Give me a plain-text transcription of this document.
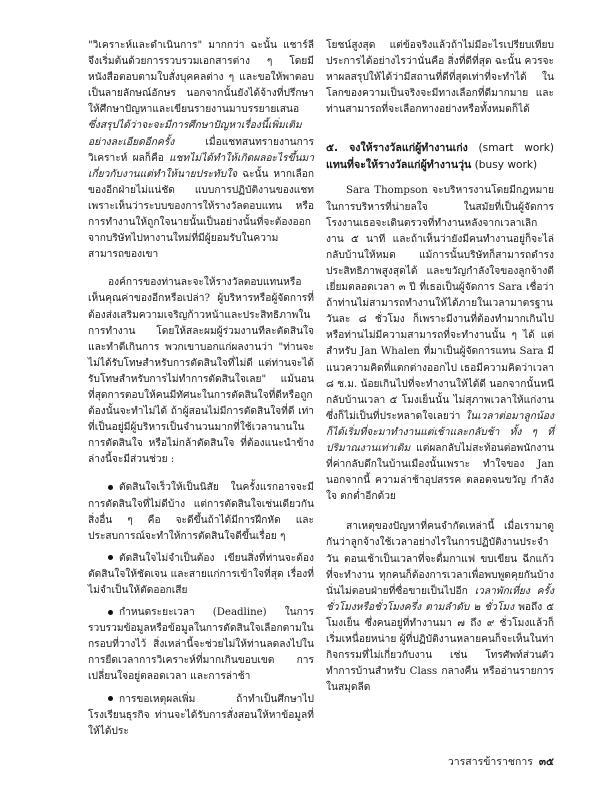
"วิเคราะห์และดำเนินการ" มากกว่า ฉะนั้น แชาร์ลีจึงเริ่มต้นด้วยการรวบรวมเอกสารต่าง ๆ โดยมีหนังสือตอบตามใบสั่งบุคคลต่าง ๆ และขอให้พาตอบเป็นลายลักษณ์อักษร นอกจากนั้นยังได้จ้างที่ปรึกษาให้ศึกษาปัญหาและเขียนรายงานมาบรรยายเสนอ ซึ่งสรุปได้ว่าจะจะมีการศึกษาปัญหาเรื่องนี้เพิ่มเติมอย่างละเอียดอีกครั้ง เมื่อแชทสนทรายงานการวิเคราะห์ ผลก็คือ แชทไม่ได้ทำให้เกิดผลอะไรขึ้นมาเกี่ยวกับงานแต่ทำให้นายประทับใจ ฉะนั้น หากเลือกของอีกฝ่ายไม่แน่ชัด แบบการปฏิบัติงานของแชท เพราะเห็นว่าระบบของการให้รางวัลตอบแทน หรือการทำงานให้ถูกใจนายนั้นเป็นอย่างนั้นที่จะต้องออกจากบริษัทไปหางานใหม่ที่มีผู้ยอมรับในความสามารถของเขา

องค์การของท่านละจะให้รางวัลตอบแทนหรือเห็นคุณค่าของอีกหรือเปล่า? ผู้บริหารหรือผู้จัดการที่ต้องส่งเสริมความเจริญก้าวหน้าและประสิทธิภาพในการทำงาน โดยให้สละผมผู้ร่วมงานทีละตัดสินใจและทำดีเกินการ พวกเขาบอกแก่ผลงานว่า "ท่านจะไม่ได้รับโทษสำหรับการตัดสินใจที่ไม่ดี แต่ท่านจะได้รับโทษสำหรับการไม่ทำการตัดสินใจเลย" แม้นอนที่สุดการตอบให้คนมีทัศนะในการตัดสินใจที่ดีหรือถูกต้องนั้นจะทำไม่ได้ ถ้าผู้สอนไม่มีการตัดสินใจที่ดี เท่าที่เป็นอยู่มีผู้บริหารเป็นจำนวนมากที่ใช้เวลานานในการตัดสินใจ หรือไม่กล้าตัดสินใจ ที่ต้องแนะนำข้างล่างนี้จะมีส่วนช่วย :

ตัดสินใจเร็วให้เป็นนิสัย ในครั้งแรกอาจจะมีการตัดสินใจที่ไม่ดีบ้าง แต่การตัดสินใจเช่นเดียวกันสิ่งอื่น ๆ คือ จะดีขึ้นถ้าได้มีการฝึกหัด และประสบการณ์จะทำให้การตัดสินใจดีขึ้นเรื่อย ๆ
ตัดสินใจไม่จำเป็นต้อง เขียนสิ่งที่ท่านจะต้องตัดสินใจให้ชัดเจน และสายแก่การเข้าใจที่สุด เรื่องที่ไม่จำเป็นให้ตัดออกเสีย
กำหนดระยะเวลา (Deadline) ในการรวบรวมข้อมูลหรือข้อมูลในการตัดสินใจเลือกตามในกรอบที่วางไว้ สิ่งเหล่านี้จะช่วยไม่ให้ท่านลดลงไปใน การยืดเวลาการวิเคราะห์ที่มากเกินขอบเขต การเปลี่ยนใจอยู่ตลอดเวลา และการล่าช้า
การขอเหตุผลเพิ่ม ถ้าทำเป็นศึกษาไปโรงเรียนธุรกิจ ท่านจะได้รับการสั่งสอนให้หาข้อมูลที่ให้ได้ประ

โยชน์สูงสุด แต่ข้อจริงแล้วถ้าไม่มีอะไรเปรียบเทียบประการได้อย่างไรว่านั่นคือ สิ่งที่ดีที่สุด ฉะนั้น ควรจะหาผลสรุปให้ได้ว่ามีสถานที่ดีที่สุดเท่าที่จะทำได้ ในโลกของความเป็นจริงจะมีทางเลือกที่ดีมากมาย และท่านสามารถที่จะเลือกทางอย่างหรือทั้งหมดก็ได้

๕. จงให้รางวัลแก่ผู้ทำงานเก่ง (smart work) แทนที่จะให้รางวัลแก่ผู้ทำงานวุ่น (busy work)

Sara Thompson จะบริหารงานโดยมีกฎหมายในการบริหารที่น่ายลใจ ในสมัยที่เป็นผู้จัดการโรงงานเธอจะเดินตรวจที่ทำงานหลังจากเวลาเลิกงาน ๕ นาที และถ้าเห็นว่ายังมีคนทำงานอยู่ก็จะไล่กลับบ้านให้หมด แม้การนั้นบริษัทก็สามารถดำรงประสิทธิภาพสูงสุดได้ และขวัญกำลังใจของลูกจ้างดีเยี่ยมตลอดเวลา ๓ ปี ที่เธอเป็นผู้จัดการ Sara เชื่อว่าถ้าท่านไม่สามารถทำงานให้ได้ภายในเวลามาตรฐานวันละ ๘ ชั่วโมง ก็เพราะมีงานที่ต้องทำมากเกินไป หรือท่านไม่มีความสามารถที่จะทำงานนั้น ๆ ได้ แต่สำหรับ Jan Whalen ที่มาเป็นผู้จัดการแทน Sara มีแนวความคิดที่แตกต่างออกไป เธอมีความคิดว่าเวลา ๘ ช.ม. น้อยเกินไปที่จะทำงานให้ได้ดี นอกจากนั้นหนีกลับบ้านเวลา ๕ โมงเย็นนั้น ไม่สุภาพเวลาให้แก่งานซึ่งก็ไม่เป็นที่ประหลาดใจเลยว่า ในเวลาต่อมาลูกน้องก็ได้เริ่มที่จะมาทำงานแต่เช้าและกลับช้า ทั้ง ๆ ที่ปริมาณงานเท่าเดิม แต่ผลกลับไม่สะท้อนต่อพนักงานที่ค่ากลับดึกในบ้านเมืองนั้นเพราะ ทำใจของ Jan นอกจากนี้ ความล่าช้าอุปสรรค ตลอดจนขวัญ กำลังใจ ตกต่ำอีกด้วย

สาเหตุของปัญหาที่คนจำกัดเหล่านี้ เมื่อเรามาดูกันว่าลูกจ้างใช้เวลาอย่างไรในการปฏิบัติงานประจำวัน ตอนเช้าเป็นเวลาที่จะดื่มกาแฟ ขบเขียน ฉีกแก้วที่จะทำงาน ทุกคนก็ต้องการเวลาเพื่อพบพูดคุยกันบ้างนั่นไม่ตอบฝ่ายที่ซื่อขายเป็นไปอีก เวลาพักเที่ยง ครั้งชั่วโมงหรือชั่วโมงครึ่ง ตามลำดับ ๒ ชั่วโมง พอถึง ๕ โมงเย็น ซึ่งคนอยู่ที่ทำงานมา ๗ ถึง ๙ ชั่วโมงแล้วก็เริ่มเหนื่อยหน่าย ผู้ที่ปฏิบัติงานหลายคนก็จะเห็นในท่ากิจกรรมที่ไม่เกี่ยวกับงาน เช่น โทรศัพท์ส่วนตัว ทำการบ้านสำหรับ Class กลางคืน หรืออ่านรายการในสมุดลีด

วารสารข้าราชการ ๓๕
